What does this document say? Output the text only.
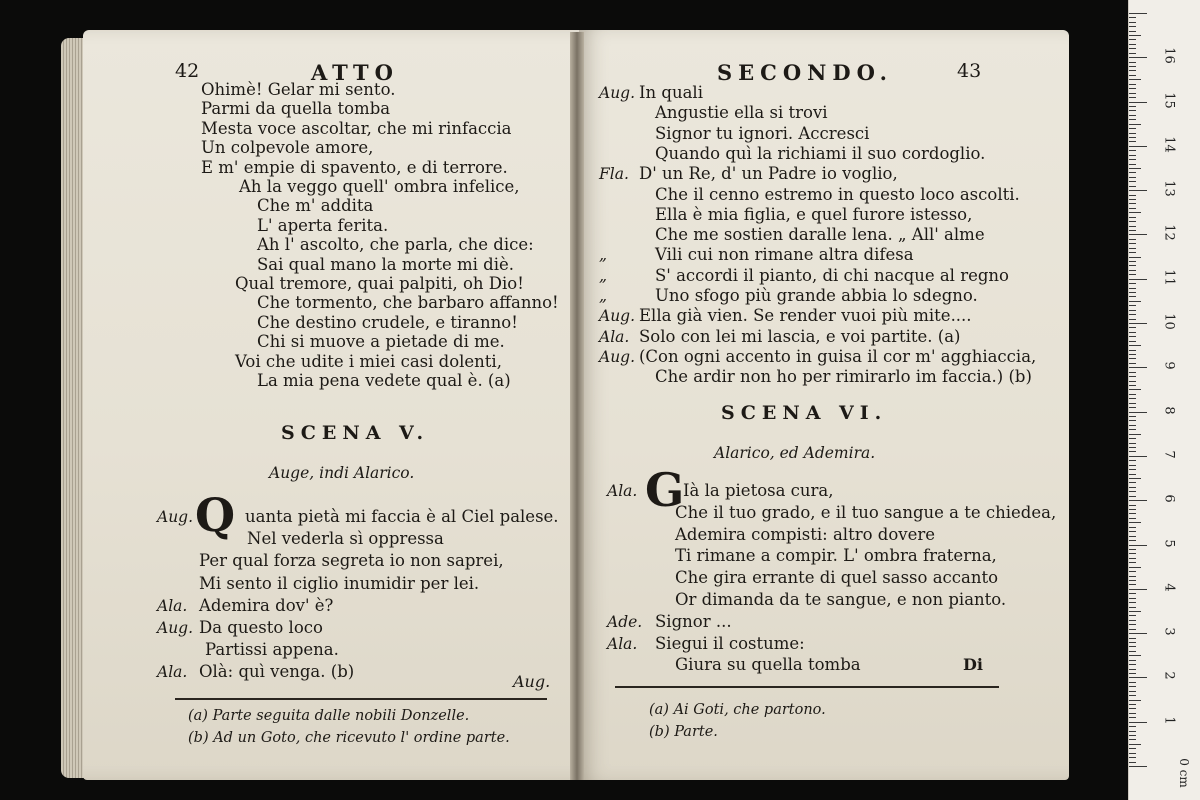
42	ATTO
Ohimè! Gelar mi sento.
Parmi da quella tomba
Mesta voce ascoltar, che mi rinfaccia
Un colpevole amore,
E m' empie di spavento, e di terrore.
Ah la veggo quell' ombra infelice,
Che m' addita
L' aperta ferita.
Ah l' ascolto, che parla, che dice:
Sai qual mano la morte mi diè.
Qual tremore, quai palpiti, oh Dio!
Che tormento, che barbaro affanno!
Che destino crudele, e tiranno!
Chi si muove a pietade di me.
Voi che udite i miei casi dolenti,
La mia pena vedete qual è. (a)
SCENA V.
Auge, indi Alarico.
Q
Aug.	uanta pietà mi faccia è al Ciel palese.
Nel vederla sì oppressa
Per qual forza segreta io non saprei,
Mi sento il ciglio inumidir per lei.
Ala. Ademira dov' è?
Aug. Da questo loco
Partissi appena.
Ala. Olà: quì venga. (b)
Aug.
(a) Parte seguita dalle nobili Donzelle.
(b) Ad un Goto, che ricevuto l' ordine parte.
SECONDO.	43
Aug. In quali
Angustie ella si trovi
Signor tu ignori. Accresci
Quando quì la richiami il suo cordoglio.
Fla. D' un Re, d' un Padre io voglio,
Che il cenno estremo in questo loco ascolti.
Ella è mia figlia, e quel furore istesso,
Che me sostien daralle lena. „ All' alme
„	Vili cui non rimane altra difesa
„	S' accordi il pianto, di chi nacque al regno
„	Uno sfogo più grande abbia lo sdegno.
Aug. Ella già vien. Se render vuoi più mite....
Ala. Solo con lei mi lascia, e voi partite. (a)
Aug. (Con ogni accento in guisa il cor m' agghiaccia,
Che ardir non ho per rimirarlo im faccia.) (b)
SCENA VI.
Alarico, ed Ademira.
G
Ala.	Ià la pietosa cura,
Che il tuo grado, e il tuo sangue a te chiedea,
Ademira compisti: altro dovere
Ti rimane a compir. L' ombra fraterna,
Che gira errante di quel sasso accanto
Or dimanda da te sangue, e non pianto.
Ade. Signor ...
Ala. Siegui il costume:
Giura su quella tomba	Di
(a) Ai Goti, che partono.
(b) Parte.
1
2
3
4
5
6
7
8
9
10
11
12
13
14
15
16
0 cm
